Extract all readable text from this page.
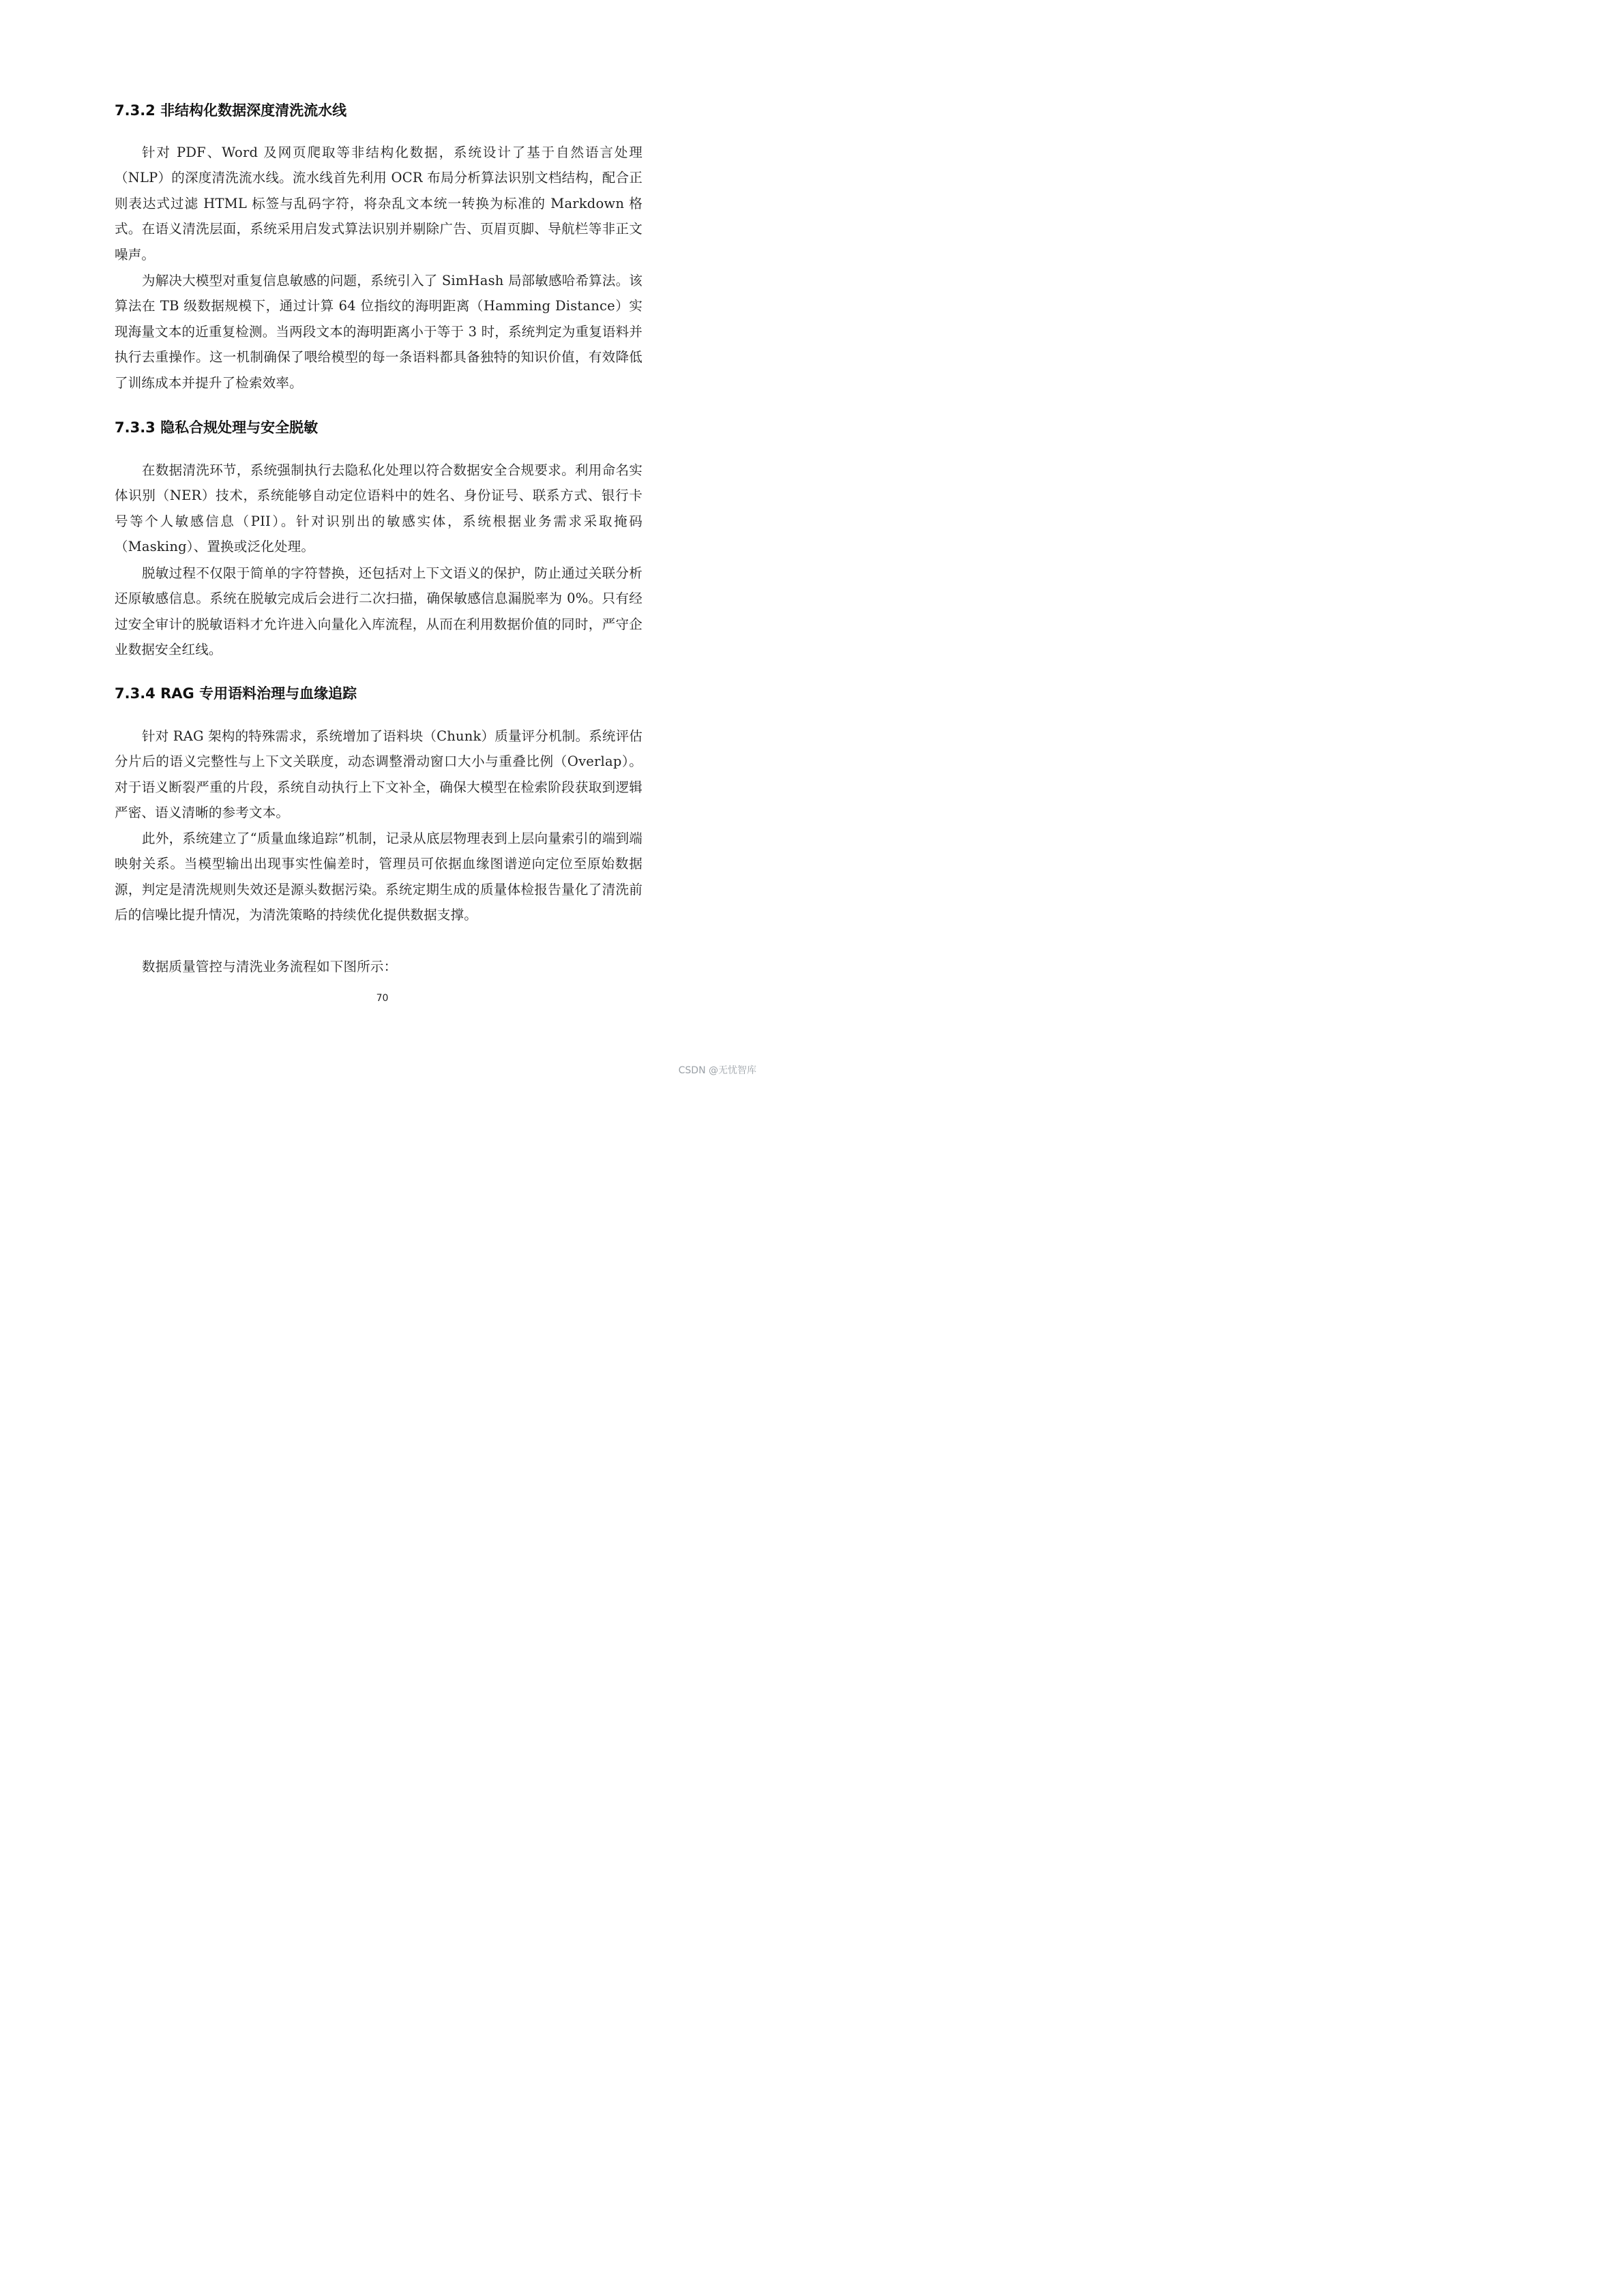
7.3.2 非结构化数据深度清洗流水线

针对 PDF、Word 及网页爬取等非结构化数据，系统设计了基于自然语言处理（NLP）的深度清洗流水线。流水线首先利用 OCR 布局分析算法识别文档结构，配合正则表达式过滤 HTML 标签与乱码字符，将杂乱文本统一转换为标准的 Markdown 格式。在语义清洗层面，系统采用启发式算法识别并剔除广告、页眉页脚、导航栏等非正文噪声。

为解决大模型对重复信息敏感的问题，系统引入了 SimHash 局部敏感哈希算法。该算法在 TB 级数据规模下，通过计算 64 位指纹的海明距离（Hamming Distance）实现海量文本的近重复检测。当两段文本的海明距离小于等于 3 时，系统判定为重复语料并执行去重操作。这一机制确保了喂给模型的每一条语料都具备独特的知识价值，有效降低了训练成本并提升了检索效率。

7.3.3 隐私合规处理与安全脱敏

在数据清洗环节，系统强制执行去隐私化处理以符合数据安全合规要求。利用命名实体识别（NER）技术，系统能够自动定位语料中的姓名、身份证号、联系方式、银行卡号等个人敏感信息（PII）。针对识别出的敏感实体，系统根据业务需求采取掩码（Masking）、置换或泛化处理。

脱敏过程不仅限于简单的字符替换，还包括对上下文语义的保护，防止通过关联分析还原敏感信息。系统在脱敏完成后会进行二次扫描，确保敏感信息漏脱率为 0%。只有经过安全审计的脱敏语料才允许进入向量化入库流程，从而在利用数据价值的同时，严守企业数据安全红线。

7.3.4 RAG 专用语料治理与血缘追踪

针对 RAG 架构的特殊需求，系统增加了语料块（Chunk）质量评分机制。系统评估分片后的语义完整性与上下文关联度，动态调整滑动窗口大小与重叠比例（Overlap）。对于语义断裂严重的片段，系统自动执行上下文补全，确保大模型在检索阶段获取到逻辑严密、语义清晰的参考文本。

此外，系统建立了“质量血缘追踪”机制，记录从底层物理表到上层向量索引的端到端映射关系。当模型输出出现事实性偏差时，管理员可依据血缘图谱逆向定位至原始数据源，判定是清洗规则失效还是源头数据污染。系统定期生成的质量体检报告量化了清洗前后的信噪比提升情况，为清洗策略的持续优化提供数据支撑。

数据质量管控与清洗业务流程如下图所示：

70
CSDN @无忧智库
